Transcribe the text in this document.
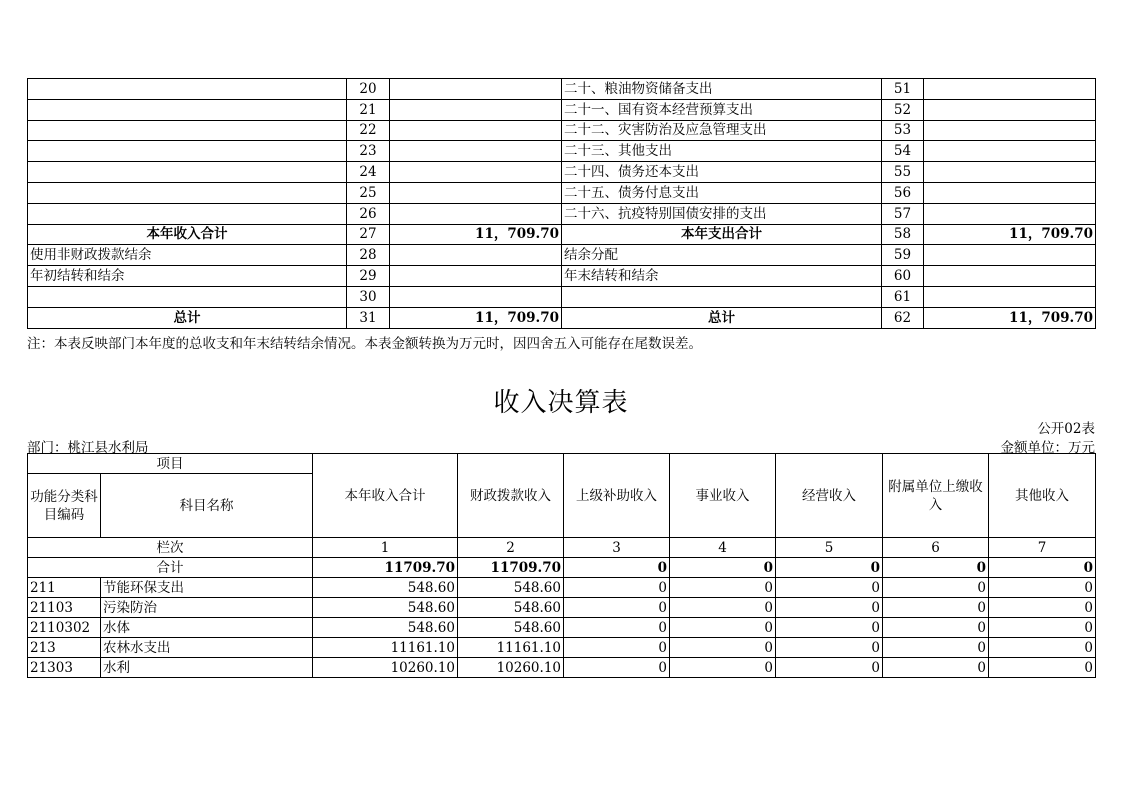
	20		二十、粮油物资储备支出	51	
	21		二十一、国有资本经营预算支出	52	
	22		二十二、灾害防治及应急管理支出	53	
	23		二十三、其他支出	54	
	24		二十四、债务还本支出	55	
	25		二十五、债务付息支出	56	
	26		二十六、抗疫特别国债安排的支出	57	
本年收入合计	27	11，709.70	本年支出合计	58	11，709.70
使用非财政拨款结余	28		结余分配	59	
年初结转和结余	29		年末结转和结余	60	
	30			61	
总计	31	11，709.70	总计	62	11，709.70
注：本表反映部门本年度的总收支和年末结转结余情况。本表金额转换为万元时，因四舍五入可能存在尾数误差。
收入决算表
公开02表
部门：桃江县水利局	金额单位：万元
项目		本年收入合计	财政拨款收入	上级补助收入	事业收入	经营收入	附属单位上缴收入	其他收入
功能分类科目编码	科目名称							
栏次		1	2	3	4	5	6	7
合计		11709.70	11709.70	0	0	0	0	0
211	节能环保支出	548.60	548.60	0	0	0	0	0
21103	污染防治	548.60	548.60	0	0	0	0	0
2110302	水体	548.60	548.60	0	0	0	0	0
213	农林水支出	11161.10	11161.10	0	0	0	0	0
21303	水利	10260.10	10260.10	0	0	0	0	0
